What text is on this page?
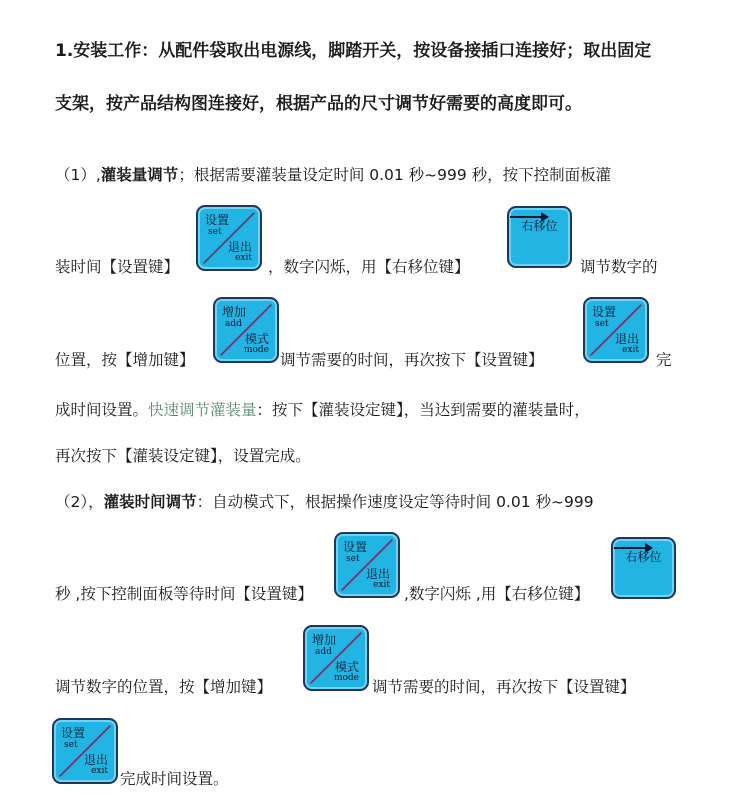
1.安装工作：从配件袋取出电源线，脚踏开关，按设备接插口连接好；取出固定
支架，按产品结构图连接好，根据产品的尺寸调节好需要的高度即可。
（1）,灌装量调节；根据需要灌装量设定时间 0.01 秒~999 秒，按下控制面板灌
装时间【设置键】	，数字闪烁，用【右移位键】	调节数字的
位置，按【增加键】	调节需要的时间，再次按下【设置键】	完
成时间设置。快速调节灌装量：按下【灌装设定键】，当达到需要的灌装量时，
再次按下【灌装设定键】，设置完成。
（2），灌装时间调节：自动模式下，根据操作速度设定等待时间 0.01 秒~999
秒 ,按下控制面板等待时间【设置键】	,数字闪烁 ,用【右移位键】
调节数字的位置，按【增加键】	调节需要的时间，再次按下【设置键】
完成时间设置。
设置
set
退出
exit
右移位
增加
add
模式
mode
设置
set
退出
exit
设置
set
退出
exit
右移位
增加
add
模式
mode
设置
set
退出
exit
